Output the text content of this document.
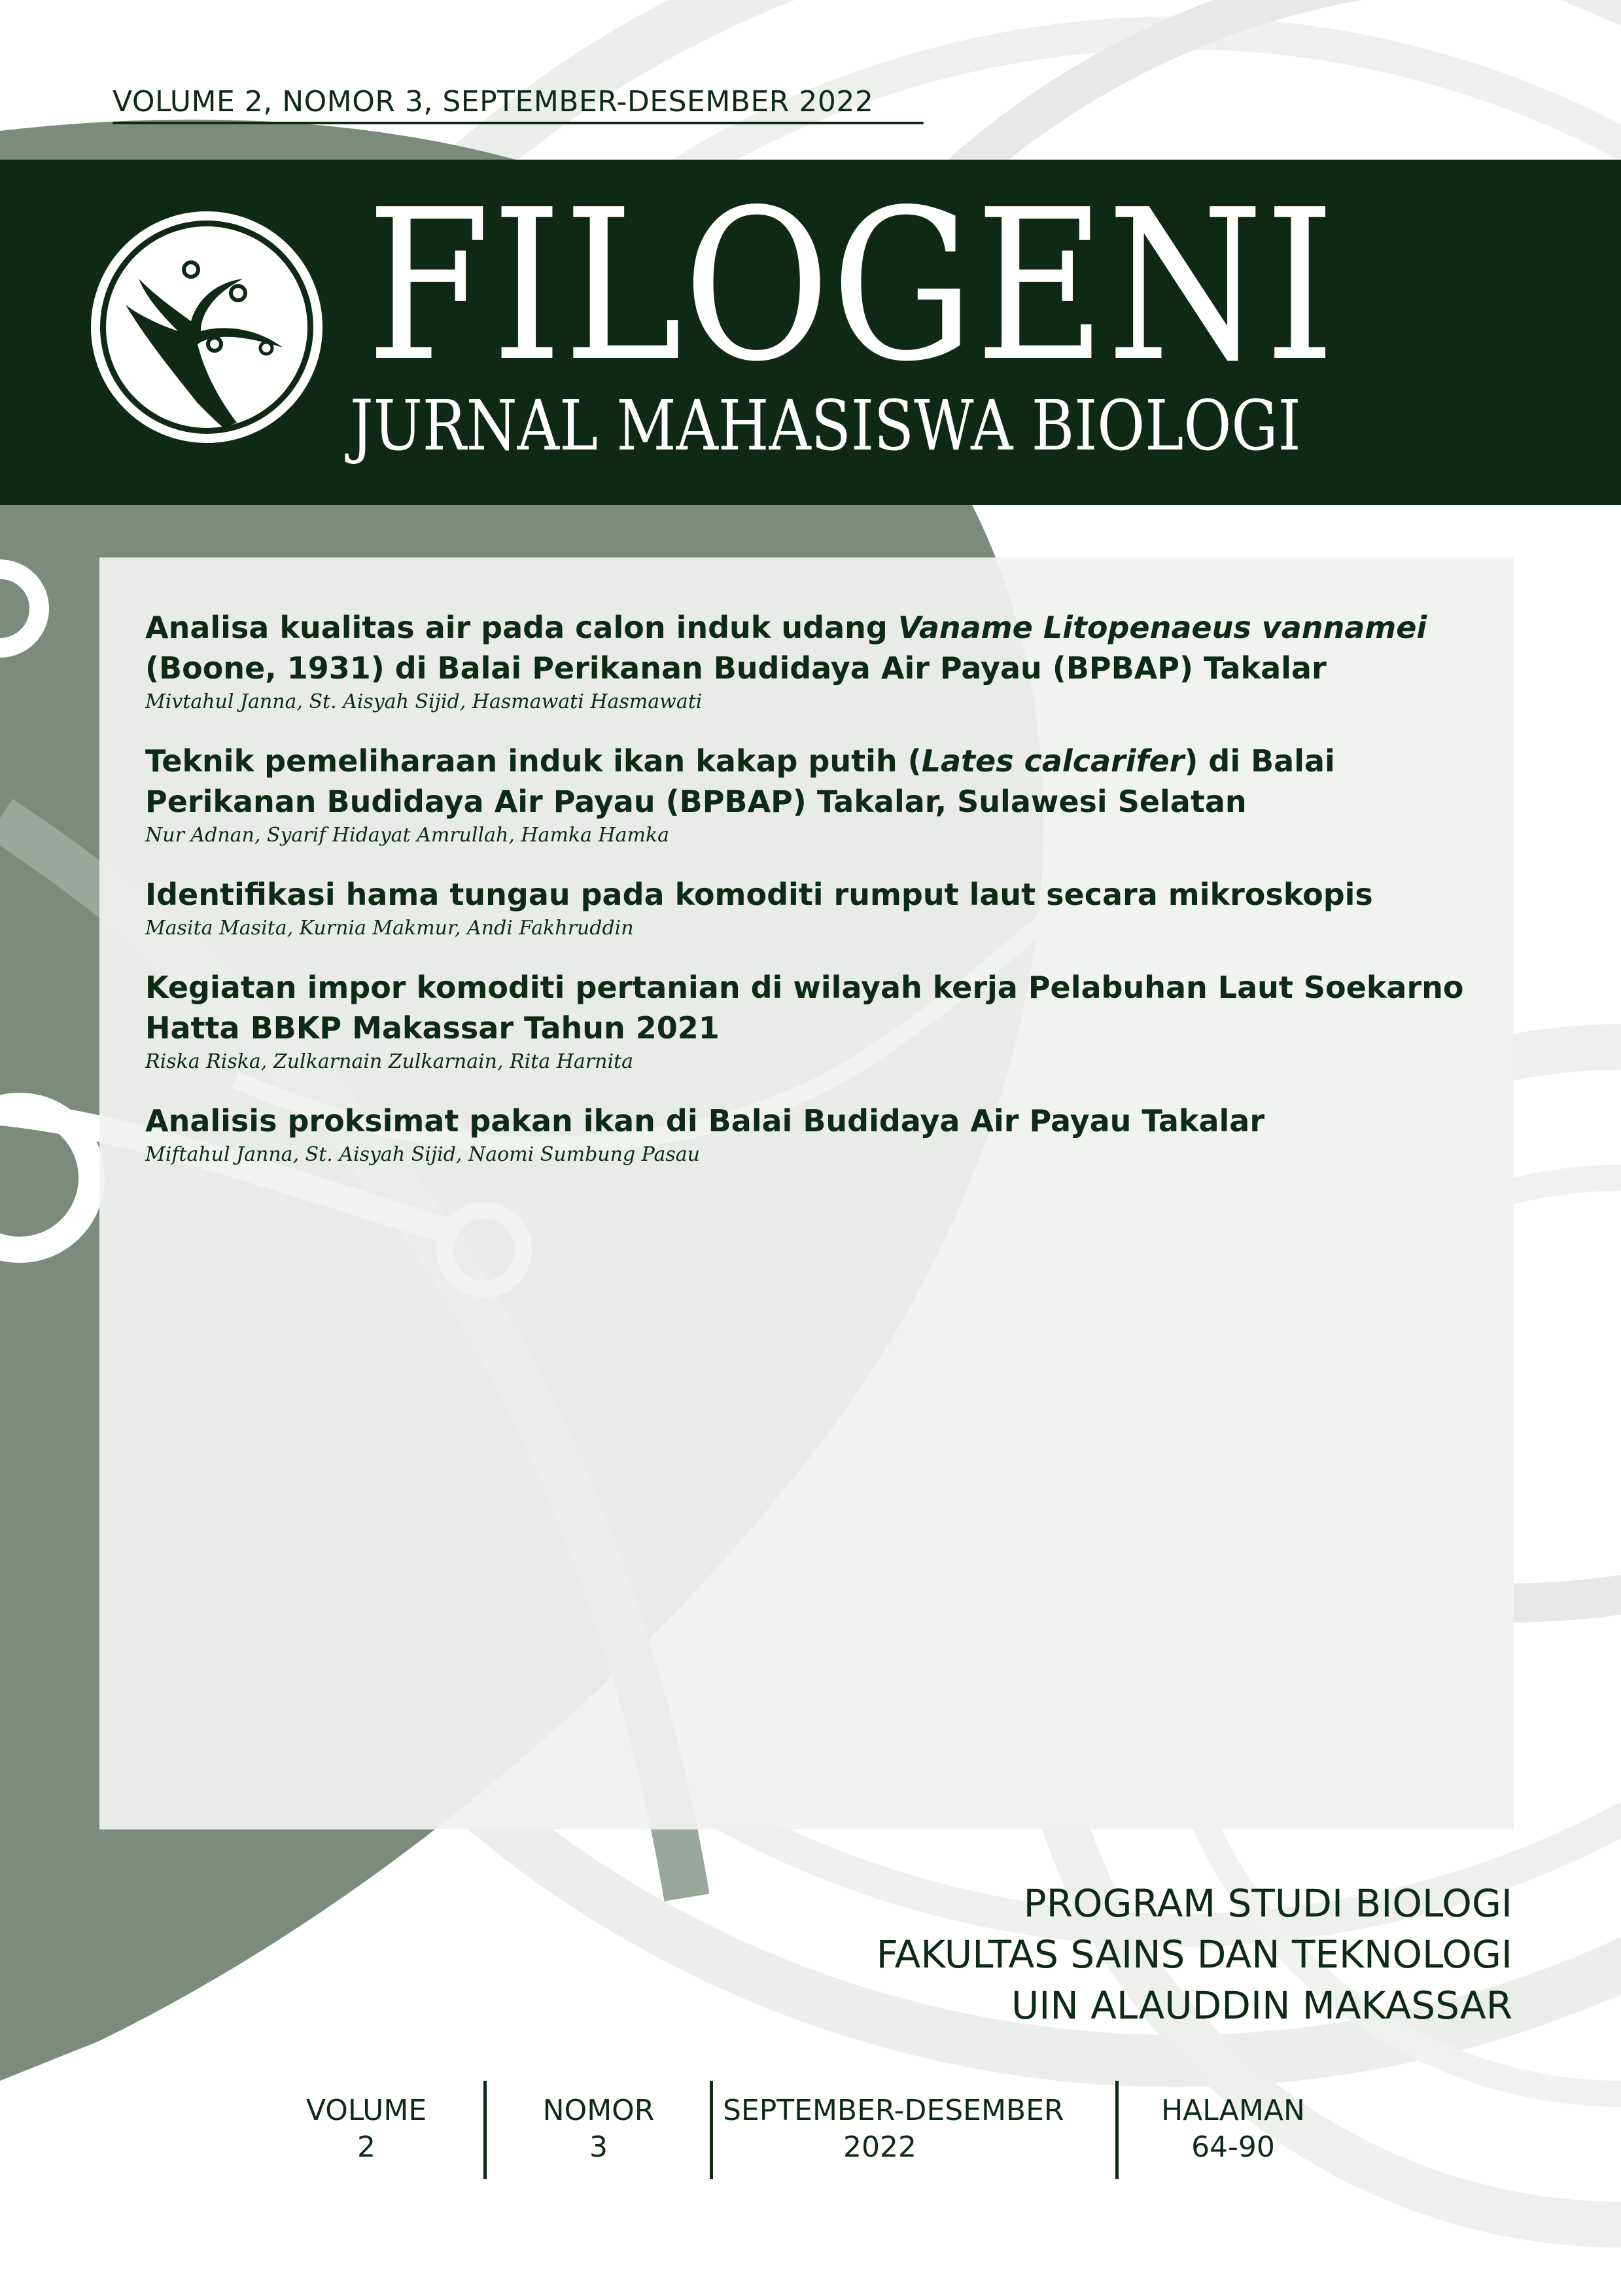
VOLUME 2, NOMOR 3, SEPTEMBER-DESEMBER 2022
FILOGENI
JURNAL MAHASISWA BIOLOGI
Analisa kualitas air pada calon induk udang Vaname Litopenaeus vannamei (Boone, 1931) di Balai Perikanan Budidaya Air Payau (BPBAP) Takalar
Mivtahul Janna, St. Aisyah Sijid, Hasmawati Hasmawati
Teknik pemeliharaan induk ikan kakap putih (Lates calcarifer) di Balai Perikanan Budidaya Air Payau (BPBAP) Takalar, Sulawesi Selatan
Nur Adnan, Syarif Hidayat Amrullah, Hamka Hamka
Identifikasi hama tungau pada komoditi rumput laut secara mikroskopis
Masita Masita, Kurnia Makmur, Andi Fakhruddin
Kegiatan impor komoditi pertanian di wilayah kerja Pelabuhan Laut Soekarno Hatta BBKP Makassar Tahun 2021
Riska Riska, Zulkarnain Zulkarnain, Rita Harnita
Analisis proksimat pakan ikan di Balai Budidaya Air Payau Takalar
Miftahul Janna, St. Aisyah Sijid, Naomi Sumbung Pasau
PROGRAM STUDI BIOLOGI
FAKULTAS SAINS DAN TEKNOLOGI
UIN ALAUDDIN MAKASSAR
VOLUME
2
NOMOR
3
SEPTEMBER-DESEMBER
2022
HALAMAN
64-90
